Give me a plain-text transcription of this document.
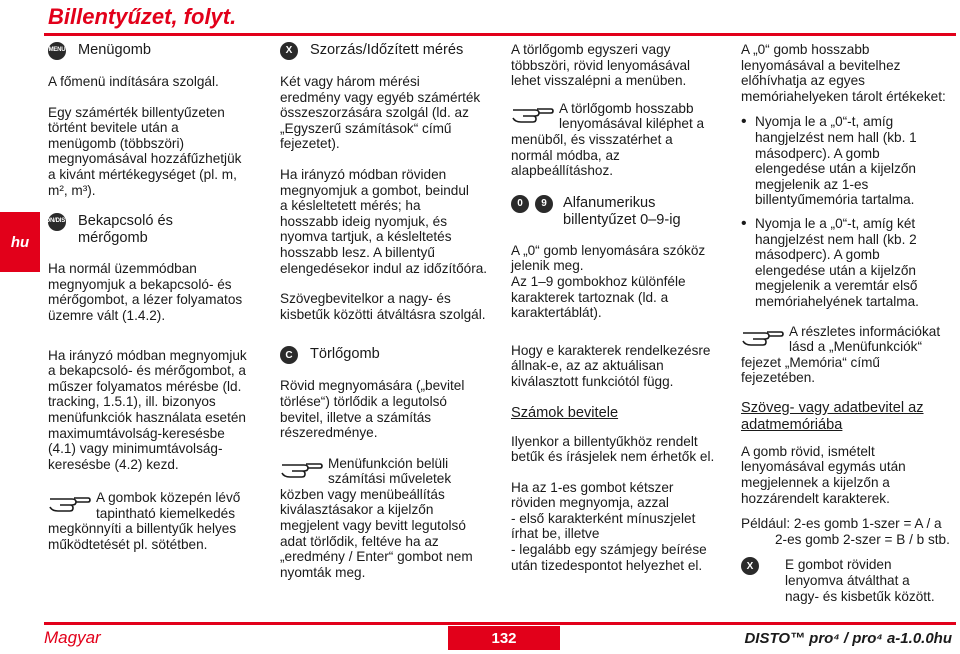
Billentyűzet, folyt.
hu
MENU Menügomb

A főmenü indítására szolgál.

Egy számérték billentyűzeten
történt bevitele után a
menügomb (többszöri)
megnyomásával hozzáfűzhetjük
a kivánt mértékegységet (pl. m,
m², m³).

ON/DIST Bekapcsoló és
mérőgomb

Ha normál üzemmódban
megnyomjuk a bekapcsoló- és
mérőgombot, a lézer folyamatos
üzemre vált (1.4.2).

Ha irányzó módban megnyomjuk
a bekapcsoló- és mérőgombot, a
műszer folyamatos mérésbe (ld.
tracking, 1.5.1), ill. bizonyos
menüfunkciók használata esetén
maximumtávolság-keresésbe
(4.1) vagy minimumtávolság-
keresésbe (4.2) kezd.

A gombok közepén lévő
tapintható kiemelkedés
megkönnyíti a billentyűk helyes
működtetését pl. sötétben.
X	Szorzás/Időzített mérés

Két vagy három mérési
eredmény vagy egyéb számérték
összeszorzására szolgál (ld. az
„Egyszerű számítások“ című
fejezetet).

Ha irányzó módban röviden
megnyomjuk a gombot, beindul
a késleltetett mérés; ha
hosszabb ideig nyomjuk, és
nyomva tartjuk, a késleltetés
hosszabb lesz. A billentyű
elengedésekor indul az időzítőóra.

Szövegbevitelkor a nagy- és
kisbetűk közötti átváltásra szolgál.

C	Törlőgomb

Rövid megnyomására („bevitel
törlése“) törlődik a legutolsó
bevitel, illetve a számítás
részeredménye.

Menüfunkción belüli
számítási műveletek
közben vagy menübeállítás
kiválasztásakor a kijelzőn
megjelent vagy bevitt legutolsó
adat törlődik, feltéve ha az
„eredmény / Enter“ gombot nem
nyomták meg.

A törlőgomb egyszeri vagy
többszöri, rövid lenyomásával
lehet visszalépni a menüben.

A törlőgomb hosszabb
lenyomásával kiléphet a
menüből, és visszatérhet a
normál módba, az
alapbeállításhoz.
0	9	Alfanumerikus
billentyűzet 0–9-ig

A „0“ gomb lenyomására szóköz
jelenik meg.
Az 1–9 gombokhoz különféle
karakterek tartoznak (ld. a
karaktertáblát).

Hogy e karakterek rendelkezésre
állnak-e, az az aktuálisan
kiválasztott funkciótól függ.

Számok bevitele

Ilyenkor a billentyűkhöz rendelt
betűk és írásjelek nem érhetők el.

Ha az 1-es gombot kétszer
röviden megnyomja, azzal
- első karakterként mínuszjelet
írhat be, illetve
- legalább egy számjegy beírése
után tizedespontot helyezhet el.

A „0“ gomb hosszabb
lenyomásával a bevitelhez
előhívhatja az egyes
memóriahelyeken tárolt értékeket:

• Nyomja le a „0“-t, amíg
hangjelzést nem hall (kb. 1
másodperc). A gomb
elengedése után a kijelzőn
megjelenik az 1-es
billentyűmemória tartalma.
• Nyomja le a „0“-t, amíg két
hangjelzést nem hall (kb. 2
másodperc). A gomb
elengedése után a kijelzőn
megjelenik a veremtár első
memóriahelyének tartalma.
A részletes információkat
lásd a „Menüfunkciók“
fejezet „Memória“ című fejezetében.

Szöveg- vagy adatbevitel az
adatmemóriába

A gomb rövid, ismételt
lenyomásával egymás után
megjelennek a kijelzőn a
hozzárendelt karakterek.

Például: 2-es gomb 1-szer = A / a
2-es gomb 2-szer = B / b stb.

X	E gombot röviden
lenyomva átválthat a
nagy- és kisbetűk között.
Magyar	132	DISTO™ pro⁴ / pro⁴ a-1.0.0hu
